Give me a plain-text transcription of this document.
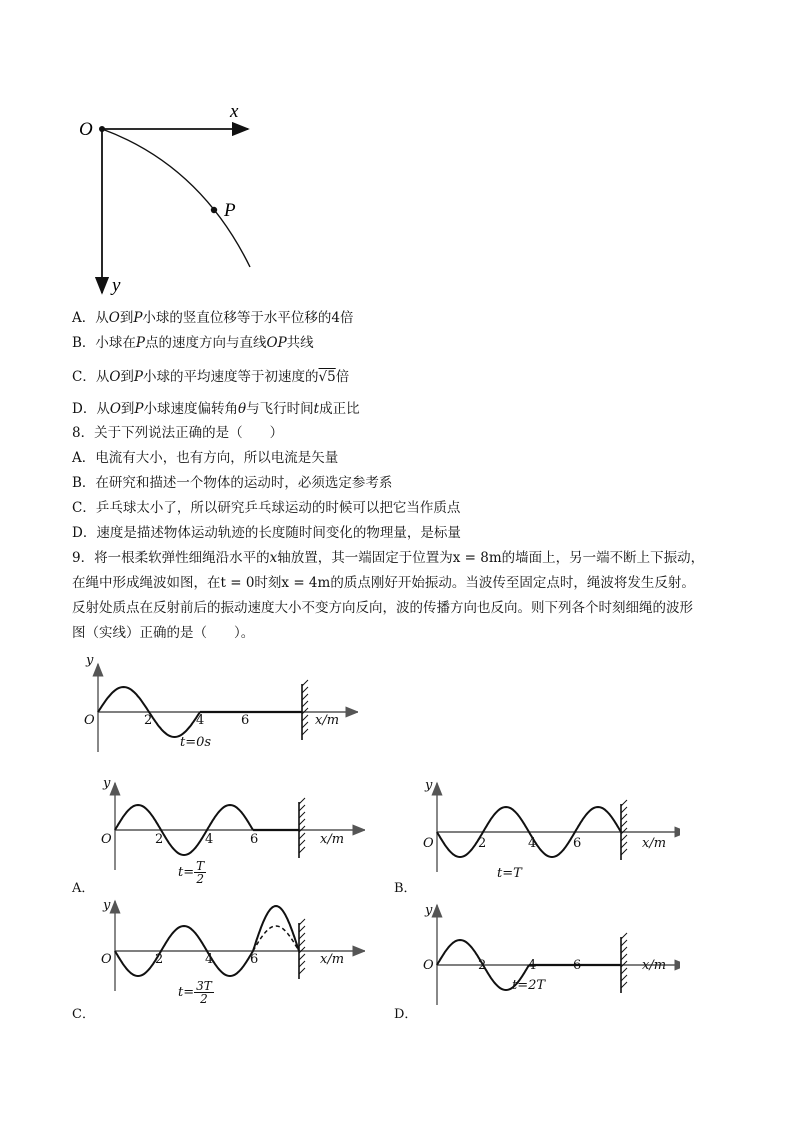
O
x
y
P
A．从O到P小球的竖直位移等于水平位移的4倍
B．小球在P点的速度方向与直线OP共线
C．从O到P小球的平均速度等于初速度的√5倍
D．从O到P小球速度偏转角θ与飞行时间t成正比
8．关于下列说法正确的是（　　）
A．电流有大小，也有方向，所以电流是矢量
B．在研究和描述一个物体的运动时，必须选定参考系
C．乒乓球太小了，所以研究乒乓球运动的时候可以把它当作质点
D．速度是描述物体运动轨迹的长度随时间变化的物理量，是标量
9．将一根柔软弹性细绳沿水平的x轴放置，其一端固定于位置为x = 8m的墙面上，另一端不断上下振动，
在绳中形成绳波如图，在t = 0时刻x = 4m的质点刚好开始振动。当波传至固定点时，绳波将发生反射。
反射处质点在反射前后的振动速度大小不变方向反向，波的传播方向也反向。则下列各个时刻细绳的波形
图（实线）正确的是（　　）。
y
O	2	4	6	x/m
t=0s
y
O	2	4	6	x/m
$t= \frac{T}{2}$
A．
y
O	2	4	6	x/m
t=T
B．
y
O	2	4	6	x/m
$t= \frac{3T}{2}$
C．
y
O	2	4	6	x/m
t=2T
D．
